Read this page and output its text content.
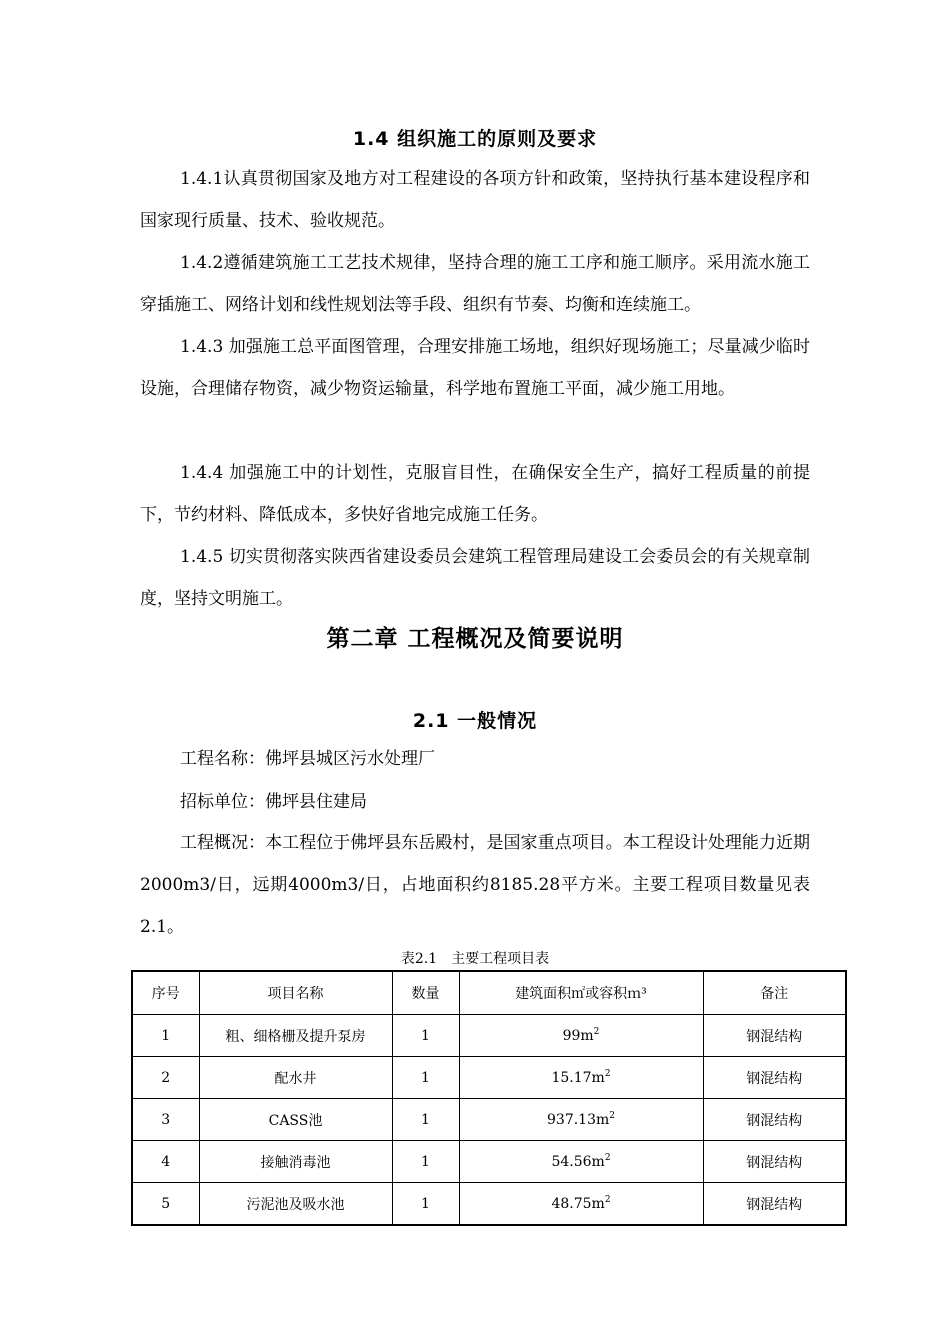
1.4 组织施工的原则及要求

1.4.1认真贯彻国家及地方对工程建设的各项方针和政策，坚持执行基本建设程序和国家现行质量、技术、验收规范。

1.4.2遵循建筑施工工艺技术规律，坚持合理的施工工序和施工顺序。采用流水施工穿插施工、网络计划和线性规划法等手段、组织有节奏、均衡和连续施工。

1.4.3 加强施工总平面图管理，合理安排施工场地，组织好现场施工；尽量减少临时设施，合理储存物资，减少物资运输量，科学地布置施工平面，减少施工用地。

1.4.4 加强施工中的计划性，克服盲目性，在确保安全生产，搞好工程质量的前提下，节约材料、降低成本，多快好省地完成施工任务。

1.4.5 切实贯彻落实陕西省建设委员会建筑工程管理局建设工会委员会的有关规章制度，坚持文明施工。

第二章 工程概况及简要说明
2.1 一般情况
工程名称：佛坪县城区污水处理厂
招标单位：佛坪县住建局

工程概况：本工程位于佛坪县东岳殿村，是国家重点项目。本工程设计处理能力近期2000m3/日，远期4000m3/日，占地面积约8185.28平方米。主要工程项目数量见表2.1。

表2.1　主要工程项目表
序号	项目名称	数量	建筑面积㎡或容积ｍ³	备注
1	粗、细格栅及提升泵房	1	$99m^2$	钢混结构
2	配水井	1	$15.17m^2$	钢混结构
3	CASS池	1	$937.13m^2$	钢混结构
4	接触消毒池	1	$54.56m^2$	钢混结构
5	污泥池及吸水池	1	$48.75m^2$	钢混结构
